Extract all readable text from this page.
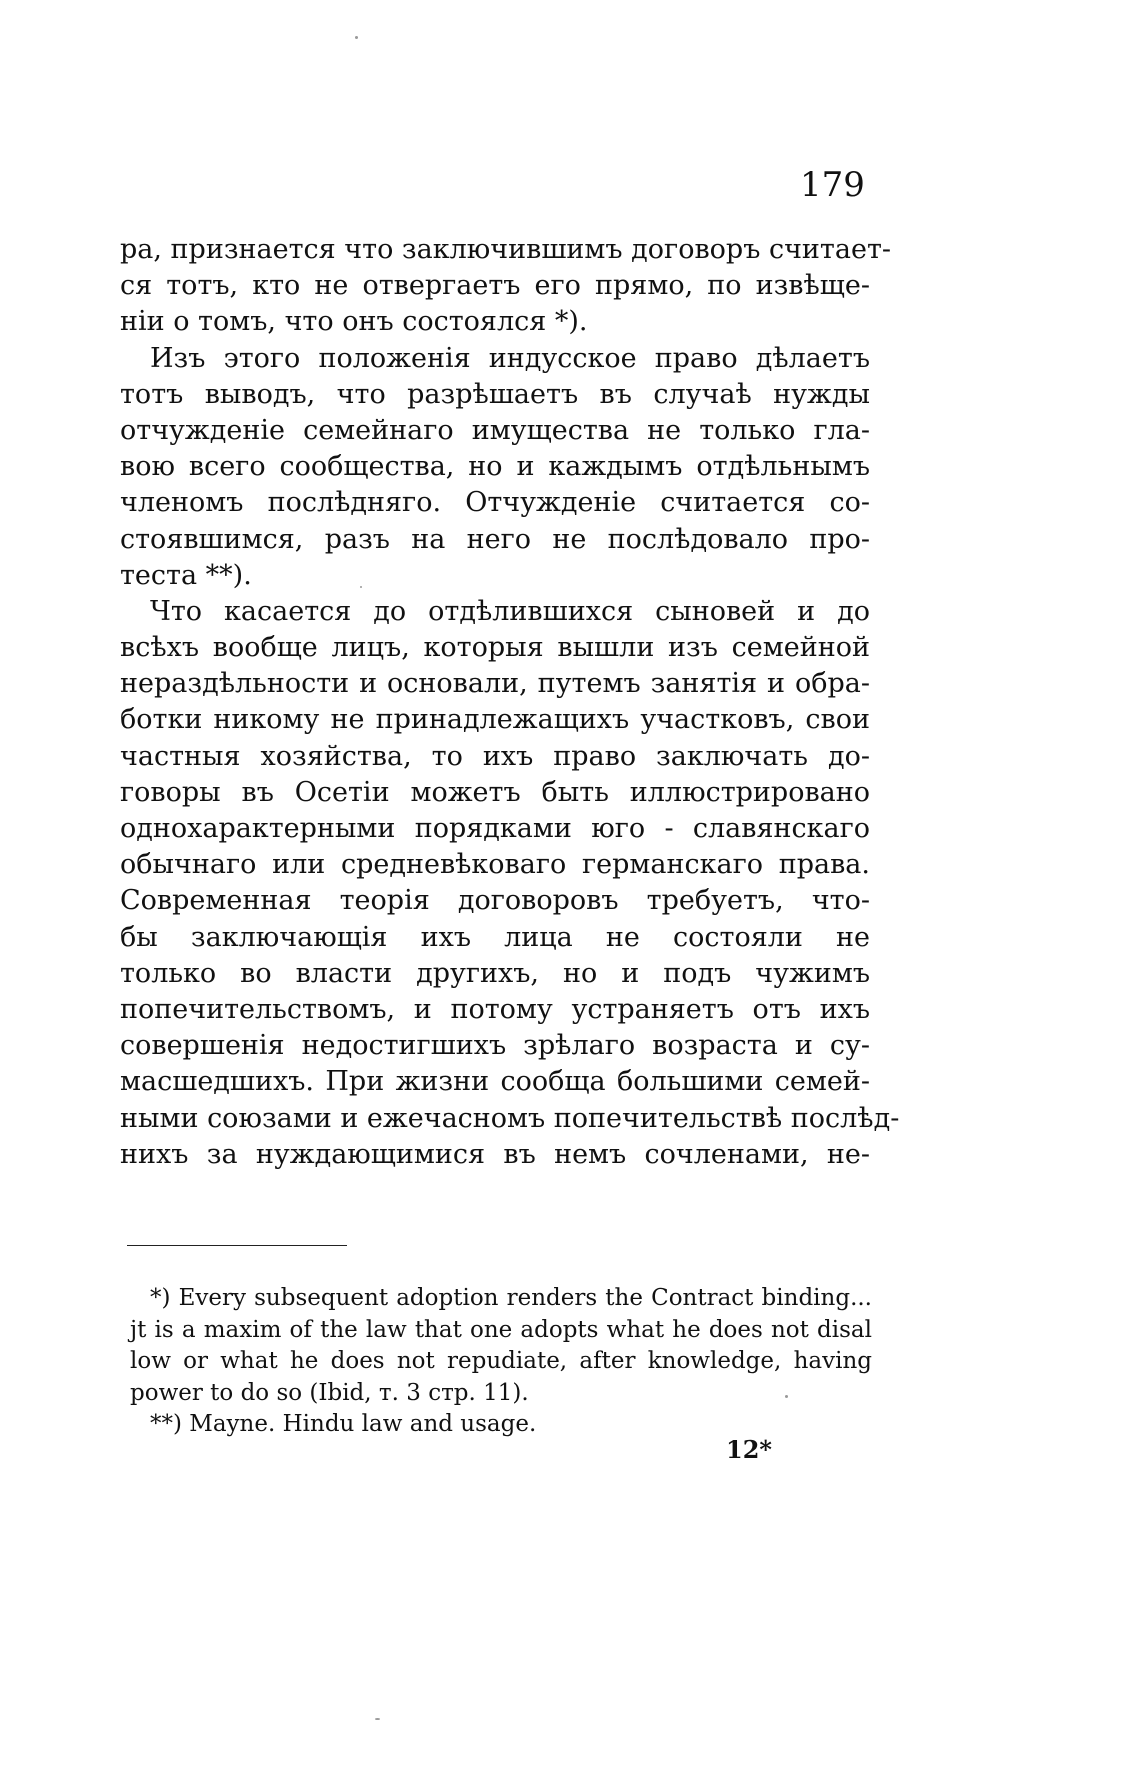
179
ра, признается что заключившимъ договоръ считает-
ся тотъ, кто не отвергаетъ его прямо, по извѣще-
нiи о томъ, что онъ состоялся *).
Изъ этого положенiя индусское право дѣлаетъ
тотъ выводъ, что разрѣшаетъ въ случаѣ нужды
отчужденiе семейнаго имущества не только гла-
вою всего сообщества, но и каждымъ отдѣльнымъ
членомъ послѣдняго. Отчужденiе считается со-
стоявшимся, разъ на него не послѣдовало про-
теста **).
Что касается до отдѣлившихся сыновей и до
всѣхъ вообще лицъ, которыя вышли изъ семейной
нераздѣльности и основали, путемъ занятiя и обра-
ботки никому не принадлежащихъ участковъ, свои
частныя хозяйства, то ихъ право заключать до-
говоры въ Осетiи можетъ быть иллюстрировано
однохарактерными порядками юго - славянскаго
обычнаго или средневѣковаго германскаго права.
Современная теорiя договоровъ требуетъ, что-
бы заключающiя ихъ лица не состояли не
только во власти другихъ, но и подъ чужимъ
попечительствомъ, и потому устраняетъ отъ ихъ
совершенiя недостигшихъ зрѣлаго возраста и су-
масшедшихъ. При жизни сообща большими семей-
ными союзами и ежечасномъ попечительствѣ послѣд-
нихъ за нуждающимися въ немъ сочленами, не-
*) Every subsequent adoption renders the Contract binding...
jt is a maxim of the law that one adopts what he does not disal
low or what he does not repudiate, after knowledge, having
power to do so (Ibid, т. 3 стр. 11).
**) Mayne. Hindu law and usage.
12*
